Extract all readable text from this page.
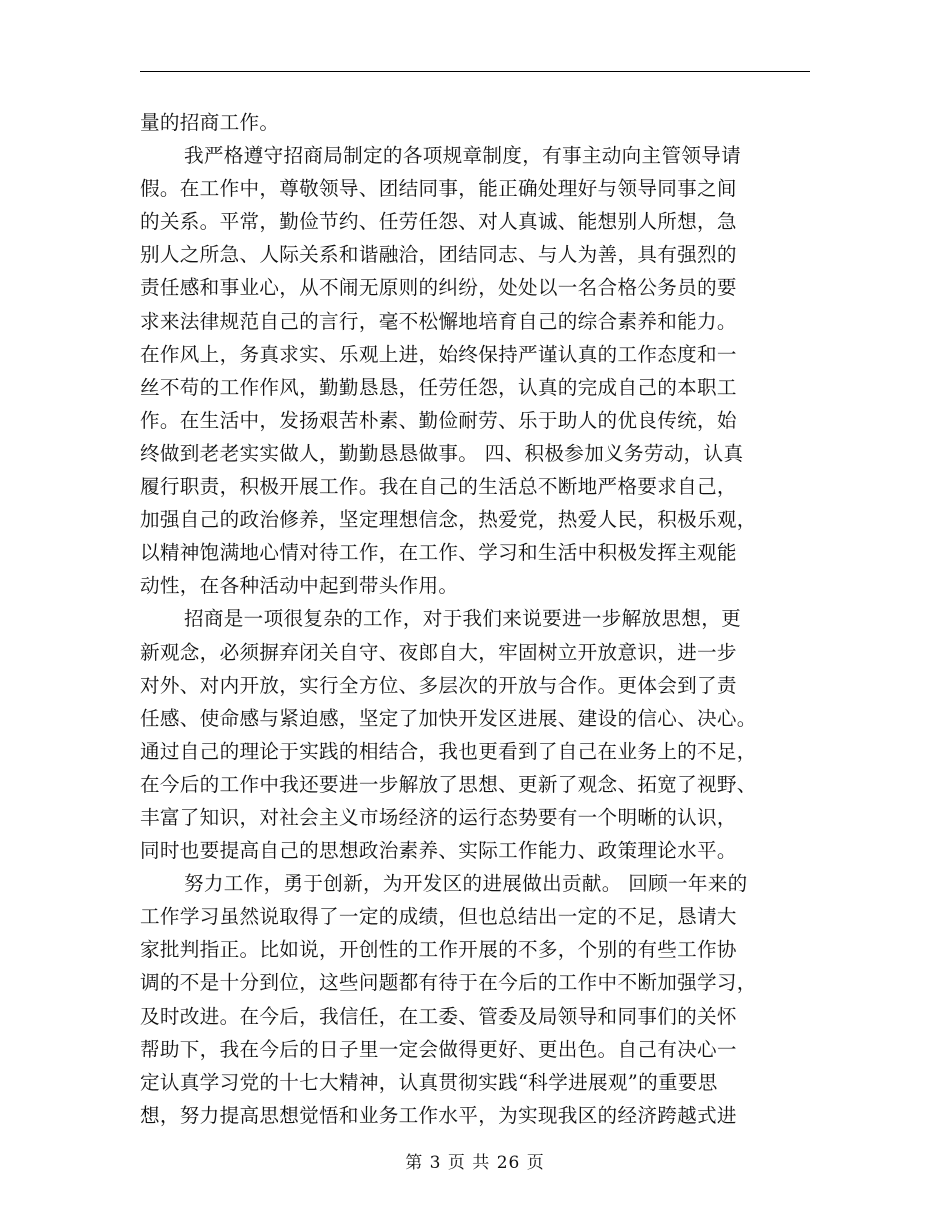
量的招商工作。
我严格遵守招商局制定的各项规章制度，有事主动向主管领导请
假。在工作中，尊敬领导、团结同事，能正确处理好与领导同事之间
的关系。平常，勤俭节约、任劳任怨、对人真诚、能想别人所想，急
别人之所急、人际关系和谐融洽，团结同志、与人为善，具有强烈的
责任感和事业心，从不闹无原则的纠纷，处处以一名合格公务员的要
求来法律规范自己的言行，毫不松懈地培育自己的综合素养和能力。
在作风上，务真求实、乐观上进，始终保持严谨认真的工作态度和一
丝不苟的工作作风，勤勤恳恳，任劳任怨，认真的完成自己的本职工
作。在生活中，发扬艰苦朴素、勤俭耐劳、乐于助人的优良传统，始
终做到老老实实做人，勤勤恳恳做事。 四、积极参加义务劳动，认真
履行职责，积极开展工作。我在自己的生活总不断地严格要求自己，
加强自己的政治修养，坚定理想信念，热爱党，热爱人民，积极乐观，
以精神饱满地心情对待工作，在工作、学习和生活中积极发挥主观能
动性，在各种活动中起到带头作用。
招商是一项很复杂的工作，对于我们来说要进一步解放思想，更
新观念，必须摒弃闭关自守、夜郎自大，牢固树立开放意识，进一步
对外、对内开放，实行全方位、多层次的开放与合作。更体会到了责
任感、使命感与紧迫感，坚定了加快开发区进展、建设的信心、决心。
通过自己的理论于实践的相结合，我也更看到了自己在业务上的不足，
在今后的工作中我还要进一步解放了思想、更新了观念、拓宽了视野、
丰富了知识，对社会主义市场经济的运行态势要有一个明晰的认识，
同时也要提高自己的思想政治素养、实际工作能力、政策理论水平。
努力工作，勇于创新，为开发区的进展做出贡献。 回顾一年来的
工作学习虽然说取得了一定的成绩，但也总结出一定的不足，恳请大
家批判指正。比如说，开创性的工作开展的不多，个别的有些工作协
调的不是十分到位，这些问题都有待于在今后的工作中不断加强学习，
及时改进。在今后，我信任，在工委、管委及局领导和同事们的关怀
帮助下，我在今后的日子里一定会做得更好、更出色。自己有决心一
定认真学习党的十七大精神，认真贯彻实践“科学进展观”的重要思
想，努力提高思想觉悟和业务工作水平，为实现我区的经济跨越式进
第 3 页 共 26 页
